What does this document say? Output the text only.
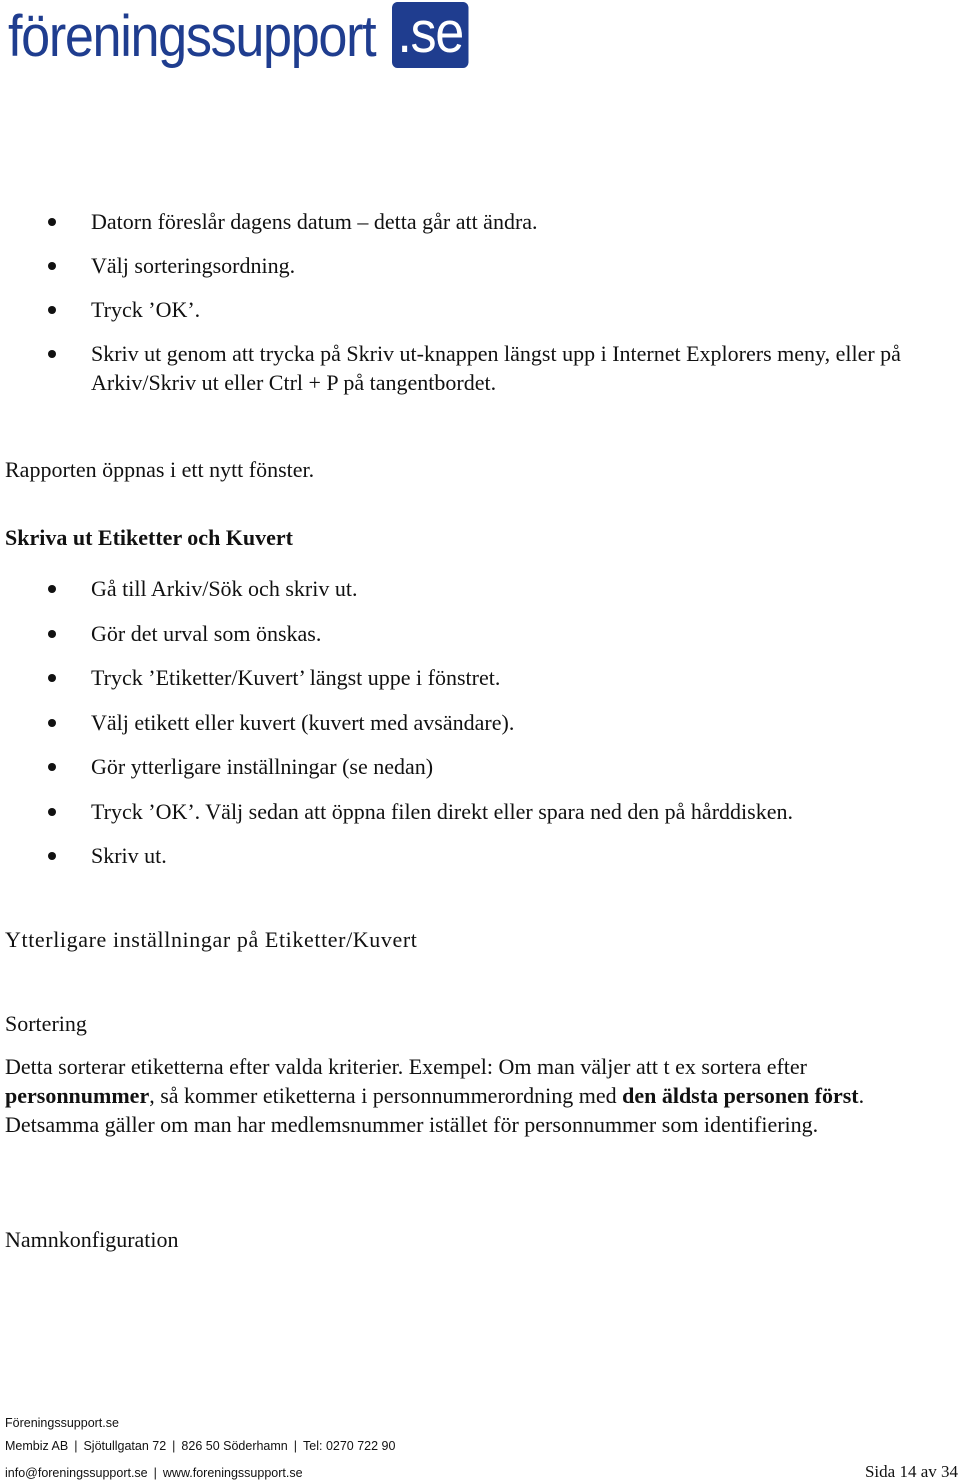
föreningssupport .se
Datorn föreslår dagens datum – detta går att ändra.
Välj sorteringsordning.
Tryck ’OK’.
Skriv ut genom att trycka på Skriv ut-knappen längst upp i Internet Explorers meny, eller på Arkiv/Skriv ut eller Ctrl + P på tangentbordet.

Rapporten öppnas i ett nytt fönster.

Skriva ut Etiketter och Kuvert

Gå till Arkiv/Sök och skriv ut.
Gör det urval som önskas.
Tryck ’Etiketter/Kuvert’ längst uppe i fönstret.
Välj etikett eller kuvert (kuvert med avsändare).
Gör ytterligare inställningar (se nedan)
Tryck ’OK’. Välj sedan att öppna filen direkt eller spara ned den på hårddisken.
Skriv ut.

Ytterligare inställningar på Etiketter/Kuvert

Sortering

Detta sorterar etiketterna efter valda kriterier. Exempel: Om man väljer att t ex sortera efter personnummer, så kommer etiketterna i personnummerordning med den äldsta personen först. Detsamma gäller om man har medlemsnummer istället för personnummer som identifiering.

Namnkonfiguration

Föreningssupport.se
Membiz AB | Sjötullgatan 72 | 826 50 Söderhamn | Tel: 0270 722 90
info@foreningssupport.se | www.foreningssupport.se	Sida 14 av 34
